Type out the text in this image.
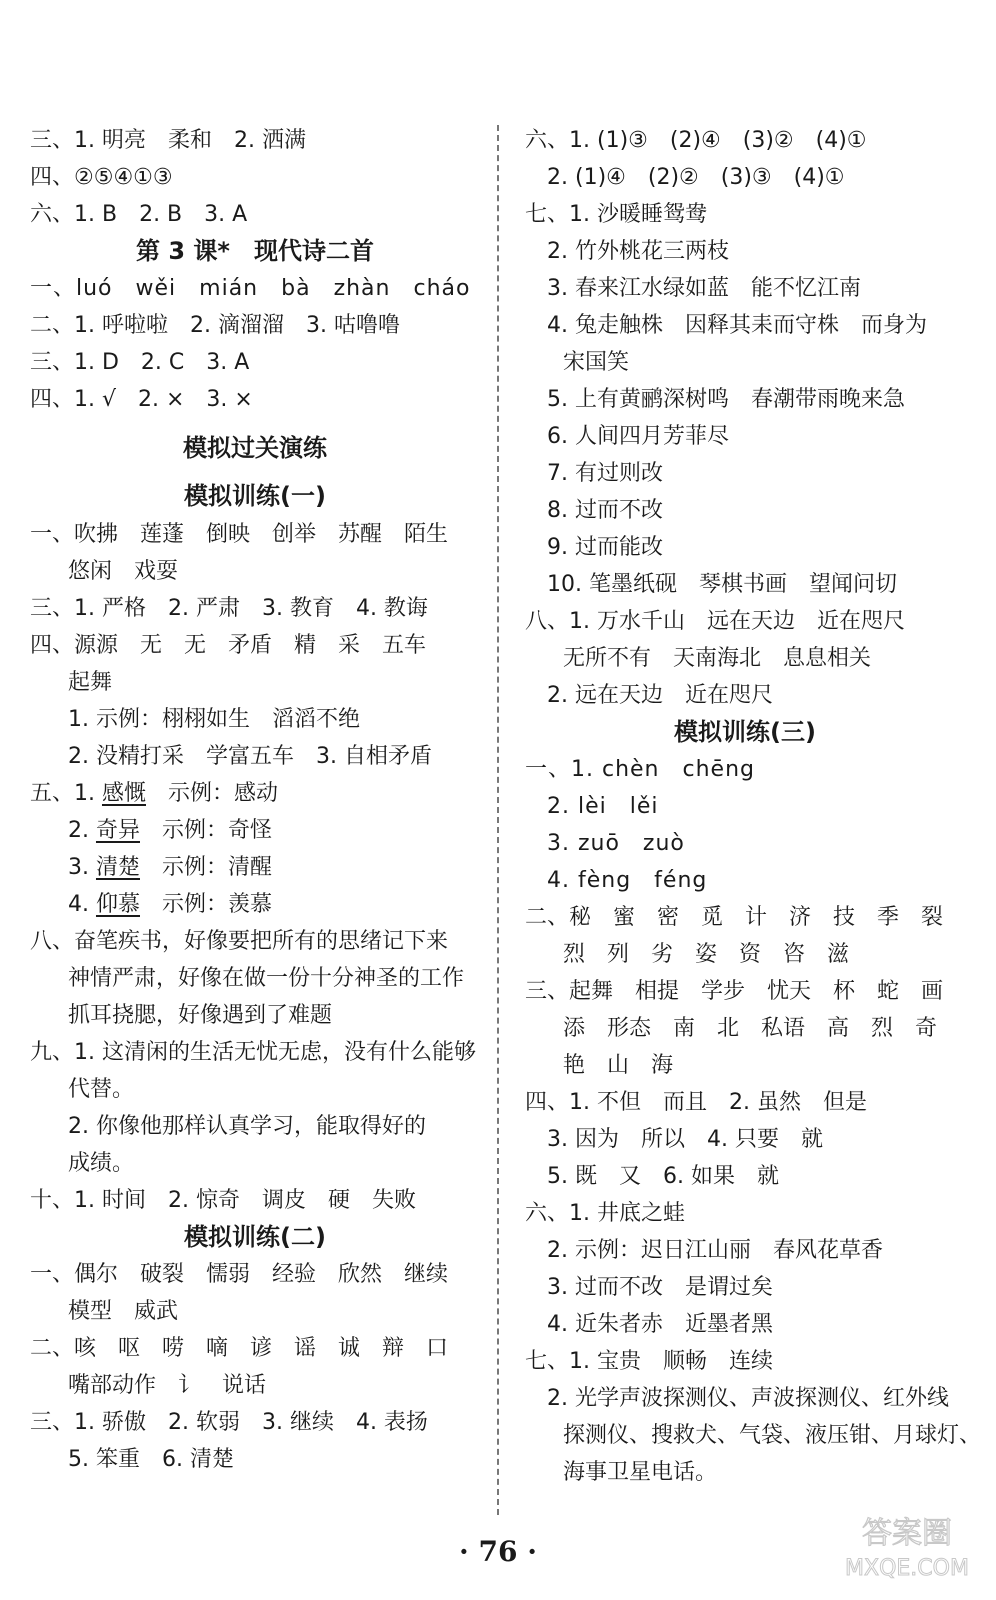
三、1. 明亮　柔和　2. 洒满
四、②⑤④①③
六、1. B　2. B　3. A
第 3 课*　现代诗二首
一、luó　wěi　mián　bà　zhàn　cháo
二、1. 呼啦啦　2. 滴溜溜　3. 咕噜噜
三、1. D　2. C　3. A
四、1. √　2. ×　3. ×
模拟过关演练
模拟训练(一)
一、吹拂　莲蓬　倒映　创举　苏醒　陌生
悠闲　戏耍
三、1. 严格　2. 严肃　3. 教育　4. 教诲
四、源源　无　无　矛盾　精　采　五车
起舞
1. 示例：栩栩如生　滔滔不绝
2. 没精打采　学富五车　3. 自相矛盾
五、1. 感慨　示例：感动
2. 奇异　示例：奇怪
3. 清楚　示例：清醒
4. 仰慕　示例：羡慕
八、奋笔疾书，好像要把所有的思绪记下来
神情严肃，好像在做一份十分神圣的工作
抓耳挠腮，好像遇到了难题
九、1. 这清闲的生活无忧无虑，没有什么能够
代替。
2. 你像他那样认真学习，能取得好的
成绩。
十、1. 时间　2. 惊奇　调皮　硬　失败
模拟训练(二)
一、偶尔　破裂　懦弱　经验　欣然　继续
模型　威武
二、咳　呕　唠　嘀　谚　谣　诚　辩　口
嘴部动作　讠　说话
三、1. 骄傲　2. 软弱　3. 继续　4. 表扬
5. 笨重　6. 清楚
六、1. (1)③　(2)④　(3)②　(4)①
2. (1)④　(2)②　(3)③　(4)①
七、1. 沙暖睡鸳鸯
2. 竹外桃花三两枝
3. 春来江水绿如蓝　能不忆江南
4. 兔走触株　因释其耒而守株　而身为
宋国笑
5. 上有黄鹂深树鸣　春潮带雨晚来急
6. 人间四月芳菲尽
7. 有过则改
8. 过而不改
9. 过而能改
10. 笔墨纸砚　琴棋书画　望闻问切
八、1. 万水千山　远在天边　近在咫尺
无所不有　天南海北　息息相关
2. 远在天边　近在咫尺
模拟训练(三)
一、1. chèn　chēng
2. lèi　lěi
3. zuō　zuò
4. fèng　féng
二、秘　蜜　密　觅　计　济　技　季　裂
烈　列　劣　姿　资　咨　滋
三、起舞　相提　学步　忧天　杯　蛇　画
添　形态　南　北　私语　高　烈　奇
艳　山　海
四、1. 不但　而且　2. 虽然　但是
3. 因为　所以　4. 只要　就
5. 既　又　6. 如果　就
六、1. 井底之蛙
2. 示例：迟日江山丽　春风花草香
3. 过而不改　是谓过矣
4. 近朱者赤　近墨者黑
七、1. 宝贵　顺畅　连续
2. 光学声波探测仪、声波探测仪、红外线
探测仪、搜救犬、气袋、液压钳、月球灯、
海事卫星电话。
· 76 ·
答案圈
MXQE.COM
